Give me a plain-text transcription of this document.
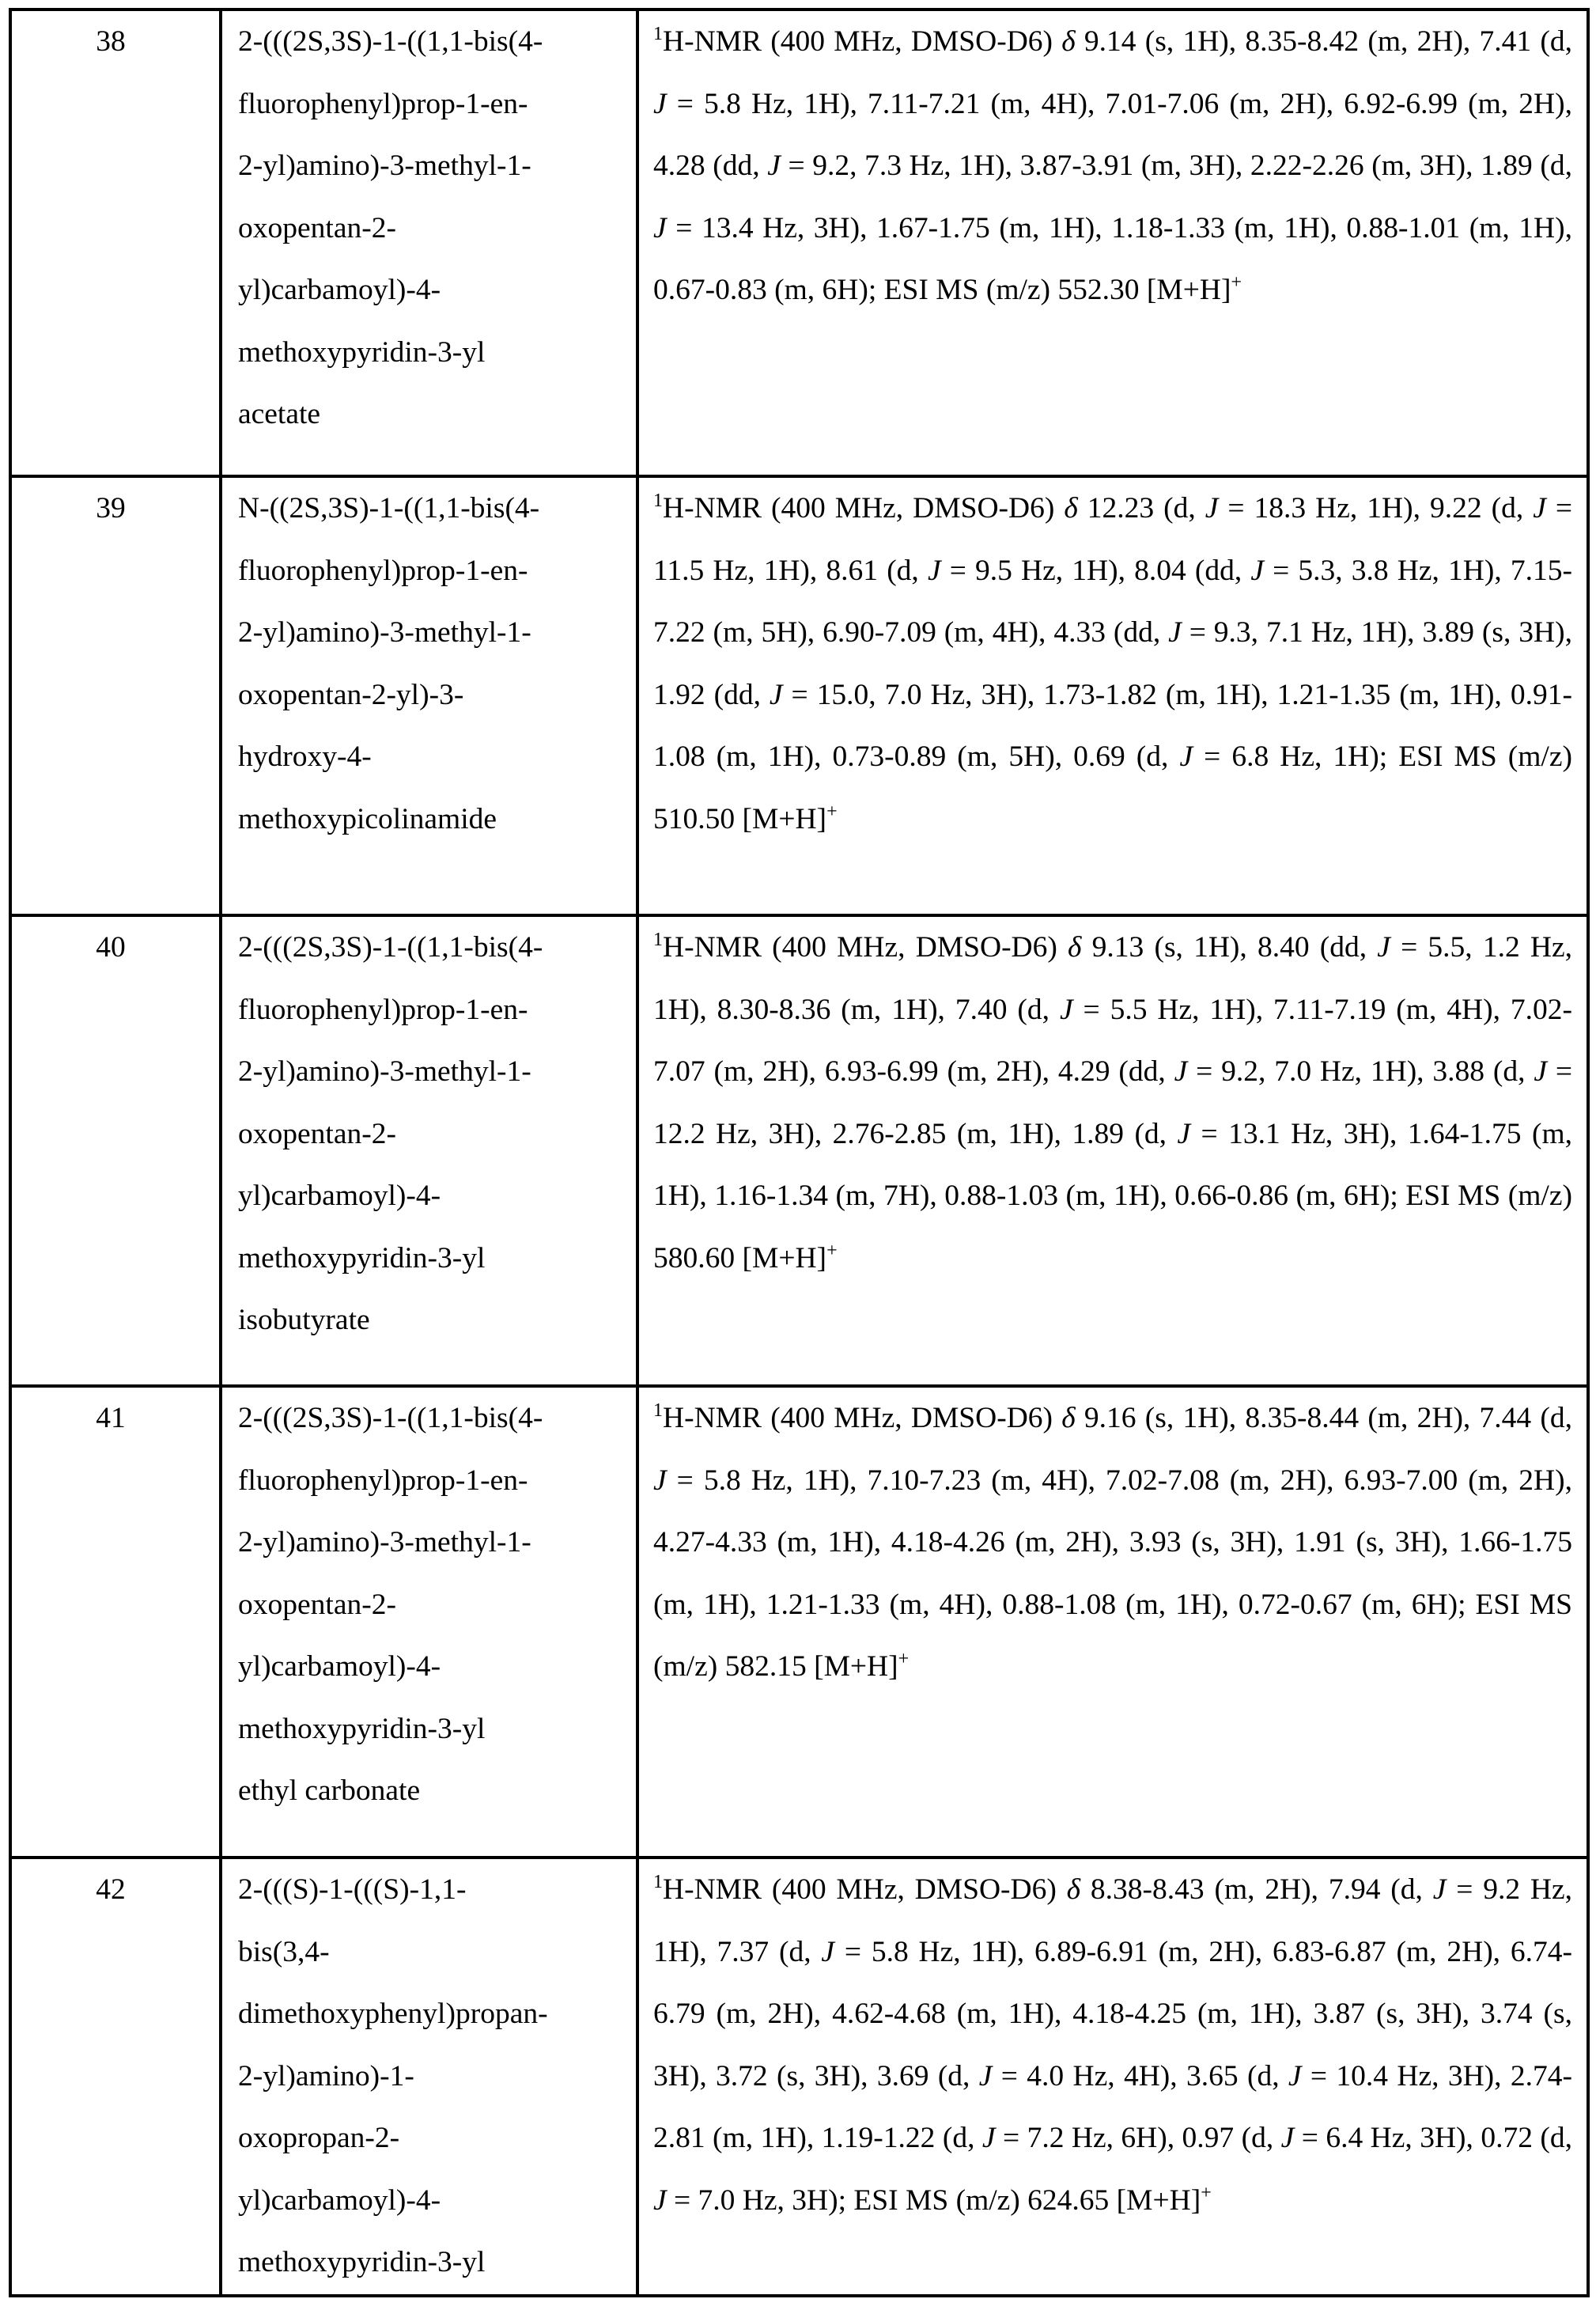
38	2-(((2S,3S)-1-((1,1-bis(4-
fluorophenyl)prop-1-en-
2-yl)amino)-3-methyl-1-
oxopentan-2-
yl)carbamoyl)-4-
methoxypyridin-3-yl
acetate
	$^1$H-NMR (400 MHz, DMSO-D6) δ 9.14 (s, 1H), 8.35-8.42 (m, 2H), 7.41 (d, J = 5.8 Hz, 1H), 7.11-7.21 (m, 4H), 7.01-7.06 (m, 2H), 6.92-6.99 (m, 2H), 4.28 (dd, J = 9.2, 7.3 Hz, 1H), 3.87-3.91 (m, 3H), 2.22-2.26 (m, 3H), 1.89 (d, J = 13.4 Hz, 3H), 1.67-1.75 (m, 1H), 1.18-1.33 (m, 1H), 0.88-1.01 (m, 1H), 0.67-0.83 (m, 6H); ESI MS (m/z) 552.30 [M+H]+
39	N-((2S,3S)-1-((1,1-bis(4-
fluorophenyl)prop-1-en-
2-yl)amino)-3-methyl-1-
oxopentan-2-yl)-3-
hydroxy-4-
methoxypicolinamide
	$^1$H-NMR (400 MHz, DMSO-D6) δ 12.23 (d, J = 18.3 Hz, 1H), 9.22 (d, J = 11.5 Hz, 1H), 8.61 (d, J = 9.5 Hz, 1H), 8.04 (dd, J = 5.3, 3.8 Hz, 1H), 7.15-7.22 (m, 5H), 6.90-7.09 (m, 4H), 4.33 (dd, J = 9.3, 7.1 Hz, 1H), 3.89 (s, 3H), 1.92 (dd, J = 15.0, 7.0 Hz, 3H), 1.73-1.82 (m, 1H), 1.21-1.35 (m, 1H), 0.91-1.08 (m, 1H), 0.73-0.89 (m, 5H), 0.69 (d, J = 6.8 Hz, 1H); ESI MS (m/z) 510.50 [M+H]+
40	2-(((2S,3S)-1-((1,1-bis(4-
fluorophenyl)prop-1-en-
2-yl)amino)-3-methyl-1-
oxopentan-2-
yl)carbamoyl)-4-
methoxypyridin-3-yl
isobutyrate
	$^1$H-NMR (400 MHz, DMSO-D6) δ 9.13 (s, 1H), 8.40 (dd, J = 5.5, 1.2 Hz, 1H), 8.30-8.36 (m, 1H), 7.40 (d, J = 5.5 Hz, 1H), 7.11-7.19 (m, 4H), 7.02-7.07 (m, 2H), 6.93-6.99 (m, 2H), 4.29 (dd, J = 9.2, 7.0 Hz, 1H), 3.88 (d, J = 12.2 Hz, 3H), 2.76-2.85 (m, 1H), 1.89 (d, J = 13.1 Hz, 3H), 1.64-1.75 (m, 1H), 1.16-1.34 (m, 7H), 0.88-1.03 (m, 1H), 0.66-0.86 (m, 6H); ESI MS (m/z) 580.60 [M+H]+
41	2-(((2S,3S)-1-((1,1-bis(4-
fluorophenyl)prop-1-en-
2-yl)amino)-3-methyl-1-
oxopentan-2-
yl)carbamoyl)-4-
methoxypyridin-3-yl
ethyl carbonate
	$^1$H-NMR (400 MHz, DMSO-D6) δ 9.16 (s, 1H), 8.35-8.44 (m, 2H), 7.44 (d, J = 5.8 Hz, 1H), 7.10-7.23 (m, 4H), 7.02-7.08 (m, 2H), 6.93-7.00 (m, 2H), 4.27-4.33 (m, 1H), 4.18-4.26 (m, 2H), 3.93 (s, 3H), 1.91 (s, 3H), 1.66-1.75 (m, 1H), 1.21-1.33 (m, 4H), 0.88-1.08 (m, 1H), 0.72-0.67 (m, 6H); ESI MS (m/z) 582.15 [M+H]+
42	2-(((S)-1-(((S)-1,1-
bis(3,4-
dimethoxyphenyl)propan-
2-yl)amino)-1-
oxopropan-2-
yl)carbamoyl)-4-
methoxypyridin-3-yl
	$^1$H-NMR (400 MHz, DMSO-D6) δ 8.38-8.43 (m, 2H), 7.94 (d, J = 9.2 Hz, 1H), 7.37 (d, J = 5.8 Hz, 1H), 6.89-6.91 (m, 2H), 6.83-6.87 (m, 2H), 6.74-6.79 (m, 2H), 4.62-4.68 (m, 1H), 4.18-4.25 (m, 1H), 3.87 (s, 3H), 3.74 (s, 3H), 3.72 (s, 3H), 3.69 (d, J = 4.0 Hz, 4H), 3.65 (d, J = 10.4 Hz, 3H), 2.74-2.81 (m, 1H), 1.19-1.22 (d, J = 7.2 Hz, 6H), 0.97 (d, J = 6.4 Hz, 3H), 0.72 (d, J = 7.0 Hz, 3H); ESI MS (m/z) 624.65 [M+H]+
